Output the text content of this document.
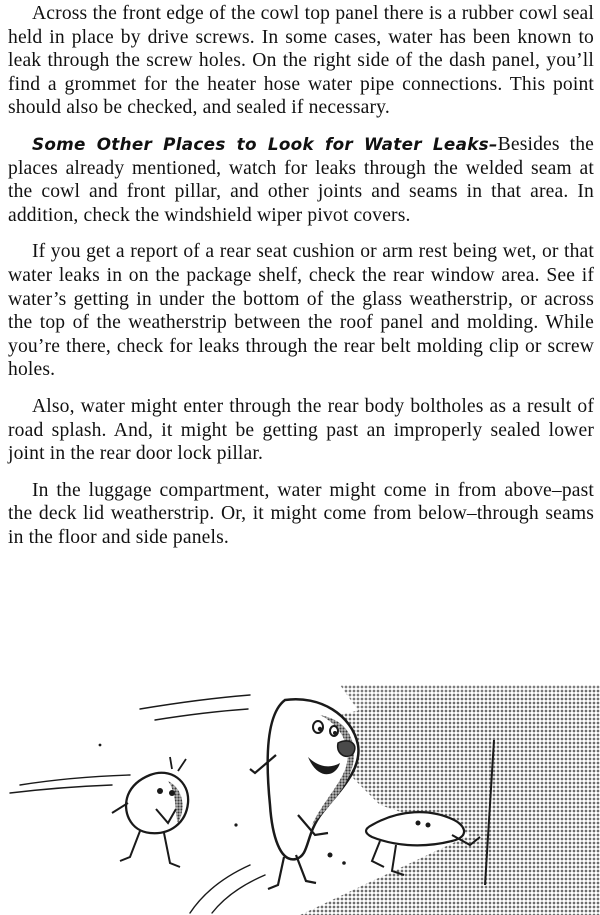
Across the front edge of the cowl top panel there is a rubber cowl seal held in place by drive screws. In some cases, water has been known to leak through the screw holes. On the right side of the dash panel, you’ll find a grommet for the heater hose water pipe connections. This point should also be checked, and sealed if necessary.

Some Other Places to Look for Water Leaks–Besides the places already mentioned, watch for leaks through the welded seam at the cowl and front pillar, and other joints and seams in that area. In addition, check the windshield wiper pivot covers.

If you get a report of a rear seat cushion or arm rest being wet, or that water leaks in on the package shelf, check the rear window area. See if water’s getting in under the bottom of the glass weatherstrip, or across the top of the weatherstrip between the roof panel and molding. While you’re there, check for leaks through the rear belt molding clip or screw holes.

Also, water might enter through the rear body boltholes as a result of road splash. And, it might be getting past an improperly sealed lower joint in the rear door lock pillar.

In the luggage compartment, water might come in from above–past the deck lid weatherstrip. Or, it might come from below–through seams in the floor and side panels.
